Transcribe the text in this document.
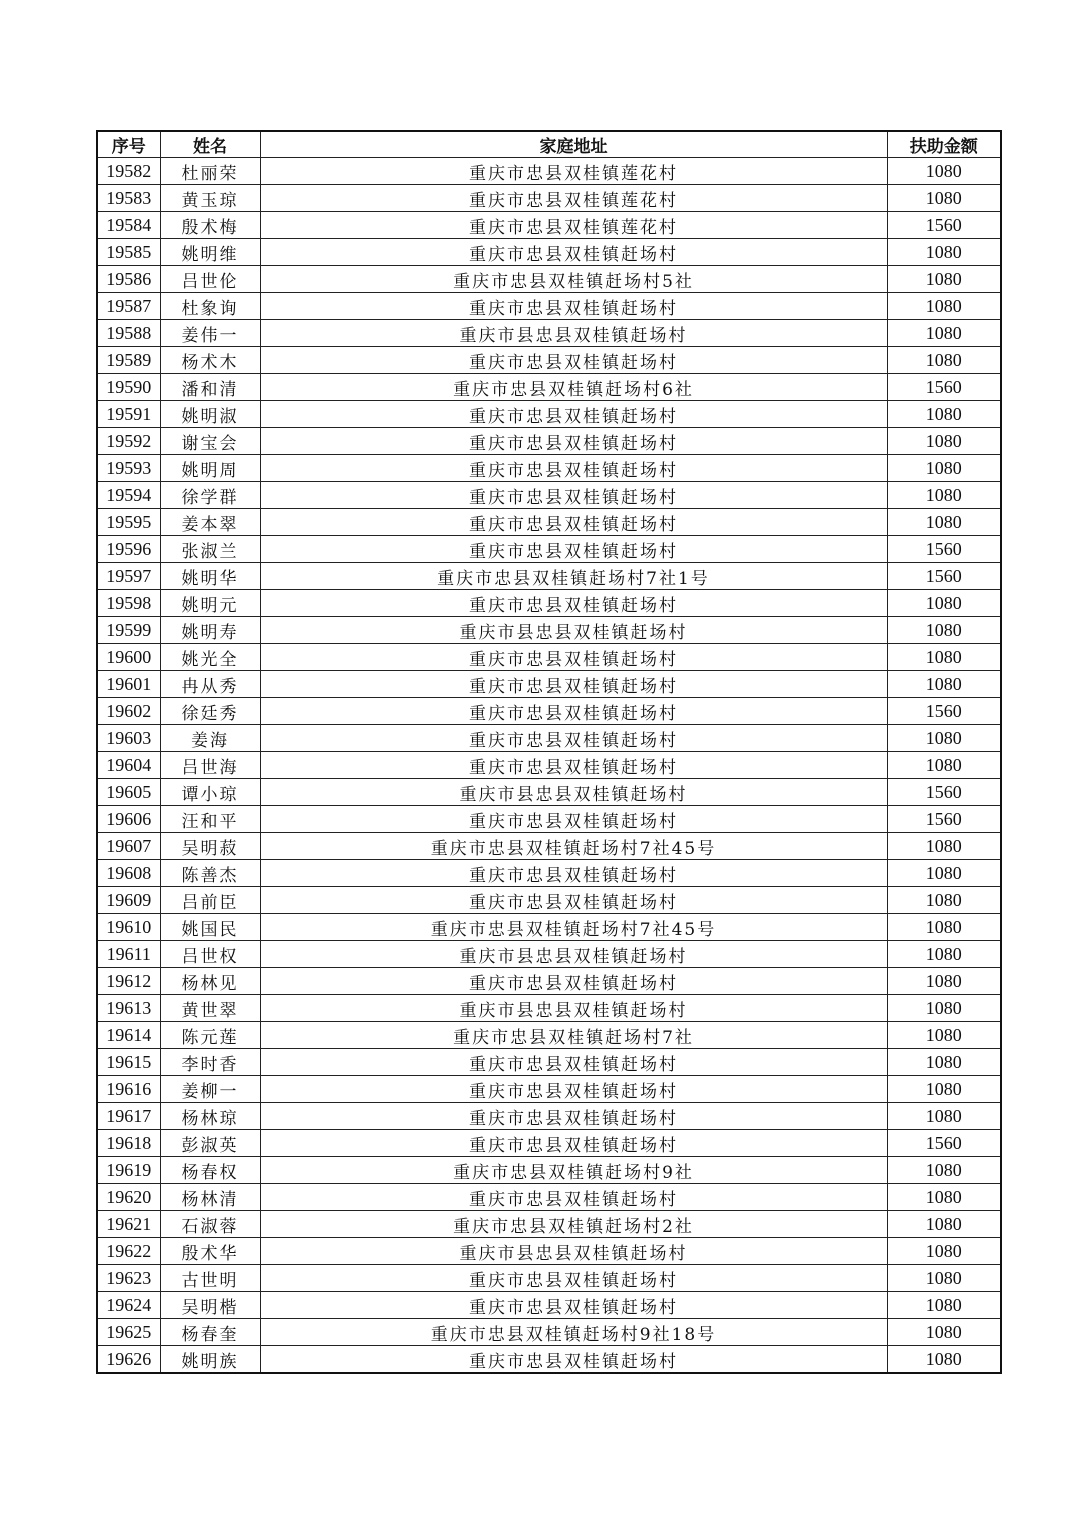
序号	姓名	家庭地址	扶助金额
19582	杜丽荣	重庆市忠县双桂镇莲花村	1080
19583	黄玉琼	重庆市忠县双桂镇莲花村	1080
19584	殷术梅	重庆市忠县双桂镇莲花村	1560
19585	姚明维	重庆市忠县双桂镇赶场村	1080
19586	吕世伦	重庆市忠县双桂镇赶场村5社	1080
19587	杜象询	重庆市忠县双桂镇赶场村	1080
19588	姜伟一	重庆市县忠县双桂镇赶场村	1080
19589	杨术木	重庆市忠县双桂镇赶场村	1080
19590	潘和清	重庆市忠县双桂镇赶场村6社	1560
19591	姚明淑	重庆市忠县双桂镇赶场村	1080
19592	谢宝会	重庆市忠县双桂镇赶场村	1080
19593	姚明周	重庆市忠县双桂镇赶场村	1080
19594	徐学群	重庆市忠县双桂镇赶场村	1080
19595	姜本翠	重庆市忠县双桂镇赶场村	1080
19596	张淑兰	重庆市忠县双桂镇赶场村	1560
19597	姚明华	重庆市忠县双桂镇赶场村7社1号	1560
19598	姚明元	重庆市忠县双桂镇赶场村	1080
19599	姚明寿	重庆市县忠县双桂镇赶场村	1080
19600	姚光全	重庆市忠县双桂镇赶场村	1080
19601	冉从秀	重庆市忠县双桂镇赶场村	1080
19602	徐廷秀	重庆市忠县双桂镇赶场村	1560
19603	姜海	重庆市忠县双桂镇赶场村	1080
19604	吕世海	重庆市忠县双桂镇赶场村	1080
19605	谭小琼	重庆市县忠县双桂镇赶场村	1560
19606	汪和平	重庆市忠县双桂镇赶场村	1560
19607	吴明菽	重庆市忠县双桂镇赶场村7社45号	1080
19608	陈善杰	重庆市忠县双桂镇赶场村	1080
19609	吕前臣	重庆市忠县双桂镇赶场村	1080
19610	姚国民	重庆市忠县双桂镇赶场村7社45号	1080
19611	吕世权	重庆市县忠县双桂镇赶场村	1080
19612	杨林见	重庆市忠县双桂镇赶场村	1080
19613	黄世翠	重庆市县忠县双桂镇赶场村	1080
19614	陈元莲	重庆市忠县双桂镇赶场村7社	1080
19615	李时香	重庆市忠县双桂镇赶场村	1080
19616	姜柳一	重庆市忠县双桂镇赶场村	1080
19617	杨林琼	重庆市忠县双桂镇赶场村	1080
19618	彭淑英	重庆市忠县双桂镇赶场村	1560
19619	杨春权	重庆市忠县双桂镇赶场村9社	1080
19620	杨林清	重庆市忠县双桂镇赶场村	1080
19621	石淑蓉	重庆市忠县双桂镇赶场村2社	1080
19622	殷术华	重庆市县忠县双桂镇赶场村	1080
19623	古世明	重庆市忠县双桂镇赶场村	1080
19624	吴明楷	重庆市忠县双桂镇赶场村	1080
19625	杨春奎	重庆市忠县双桂镇赶场村9社18号	1080
19626	姚明族	重庆市忠县双桂镇赶场村	1080
